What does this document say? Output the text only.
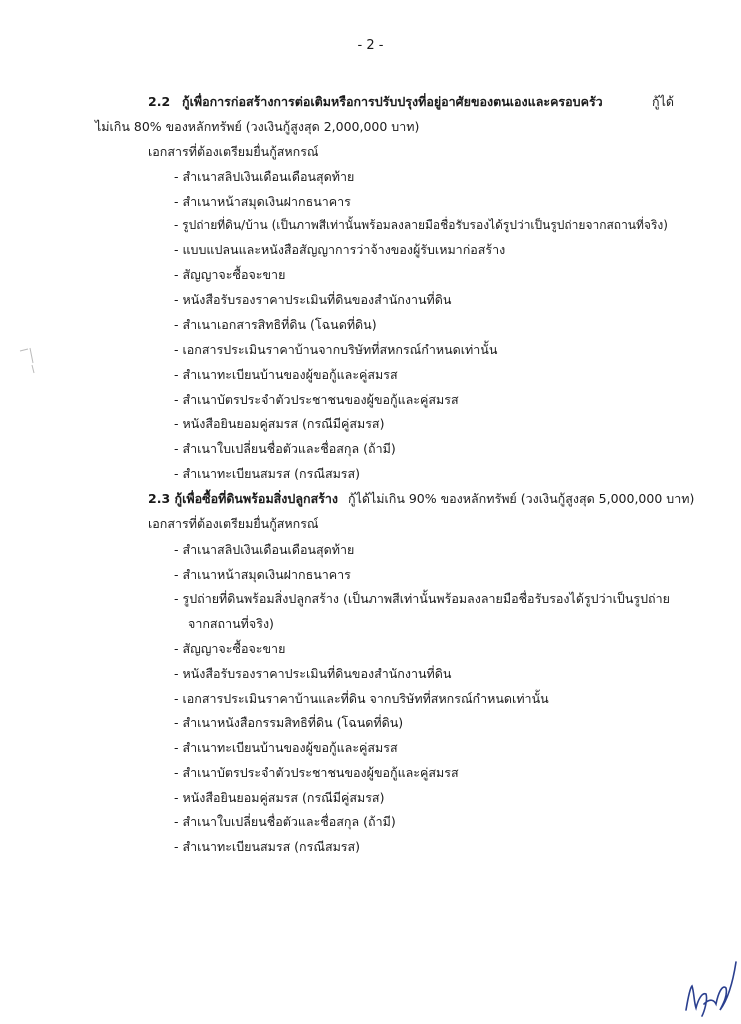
- 2 -
2.2 กู้เพื่อการก่อสร้างการต่อเติมหรือการปรับปรุงที่อยู่อาศัยของตนเองและครอบครัว	กู้ได้
ไม่เกิน 80% ของหลักทรัพย์ (วงเงินกู้สูงสุด 2,000,000 บาท)
เอกสารที่ต้องเตรียมยื่นกู้สหกรณ์
- สำเนาสลิปเงินเดือนเดือนสุดท้าย
- สำเนาหน้าสมุดเงินฝากธนาคาร
- รูปถ่ายที่ดิน/บ้าน (เป็นภาพสีเท่านั้นพร้อมลงลายมือชื่อรับรองได้รูปว่าเป็นรูปถ่ายจากสถานที่จริง)
- แบบแปลนและหนังสือสัญญาการว่าจ้างของผู้รับเหมาก่อสร้าง
- สัญญาจะซื้อจะขาย
- หนังสือรับรองราคาประเมินที่ดินของสำนักงานที่ดิน
- สำเนาเอกสารสิทธิที่ดิน (โฉนดที่ดิน)
- เอกสารประเมินราคาบ้านจากบริษัทที่สหกรณ์กำหนดเท่านั้น
- สำเนาทะเบียนบ้านของผู้ขอกู้และคู่สมรส
- สำเนาบัตรประจำตัวประชาชนของผู้ขอกู้และคู่สมรส
- หนังสือยินยอมคู่สมรส (กรณีมีคู่สมรส)
- สำเนาใบเปลี่ยนชื่อตัวและชื่อสกุล (ถ้ามี)
- สำเนาทะเบียนสมรส (กรณีสมรส)
2.3 กู้เพื่อซื้อที่ดินพร้อมสิ่งปลูกสร้าง กู้ได้ไม่เกิน 90% ของหลักทรัพย์ (วงเงินกู้สูงสุด 5,000,000 บาท)
เอกสารที่ต้องเตรียมยื่นกู้สหกรณ์
- สำเนาสลิปเงินเดือนเดือนสุดท้าย
- สำเนาหน้าสมุดเงินฝากธนาคาร
- รูปถ่ายที่ดินพร้อมสิ่งปลูกสร้าง (เป็นภาพสีเท่านั้นพร้อมลงลายมือชื่อรับรองได้รูปว่าเป็นรูปถ่าย
จากสถานที่จริง)
- สัญญาจะซื้อจะขาย
- หนังสือรับรองราคาประเมินที่ดินของสำนักงานที่ดิน
- เอกสารประเมินราคาบ้านและที่ดิน จากบริษัทที่สหกรณ์กำหนดเท่านั้น
- สำเนาหนังสือกรรมสิทธิที่ดิน (โฉนดที่ดิน)
- สำเนาทะเบียนบ้านของผู้ขอกู้และคู่สมรส
- สำเนาบัตรประจำตัวประชาชนของผู้ขอกู้และคู่สมรส
- หนังสือยินยอมคู่สมรส (กรณีมีคู่สมรส)
- สำเนาใบเปลี่ยนชื่อตัวและชื่อสกุล (ถ้ามี)
- สำเนาทะเบียนสมรส (กรณีสมรส)
